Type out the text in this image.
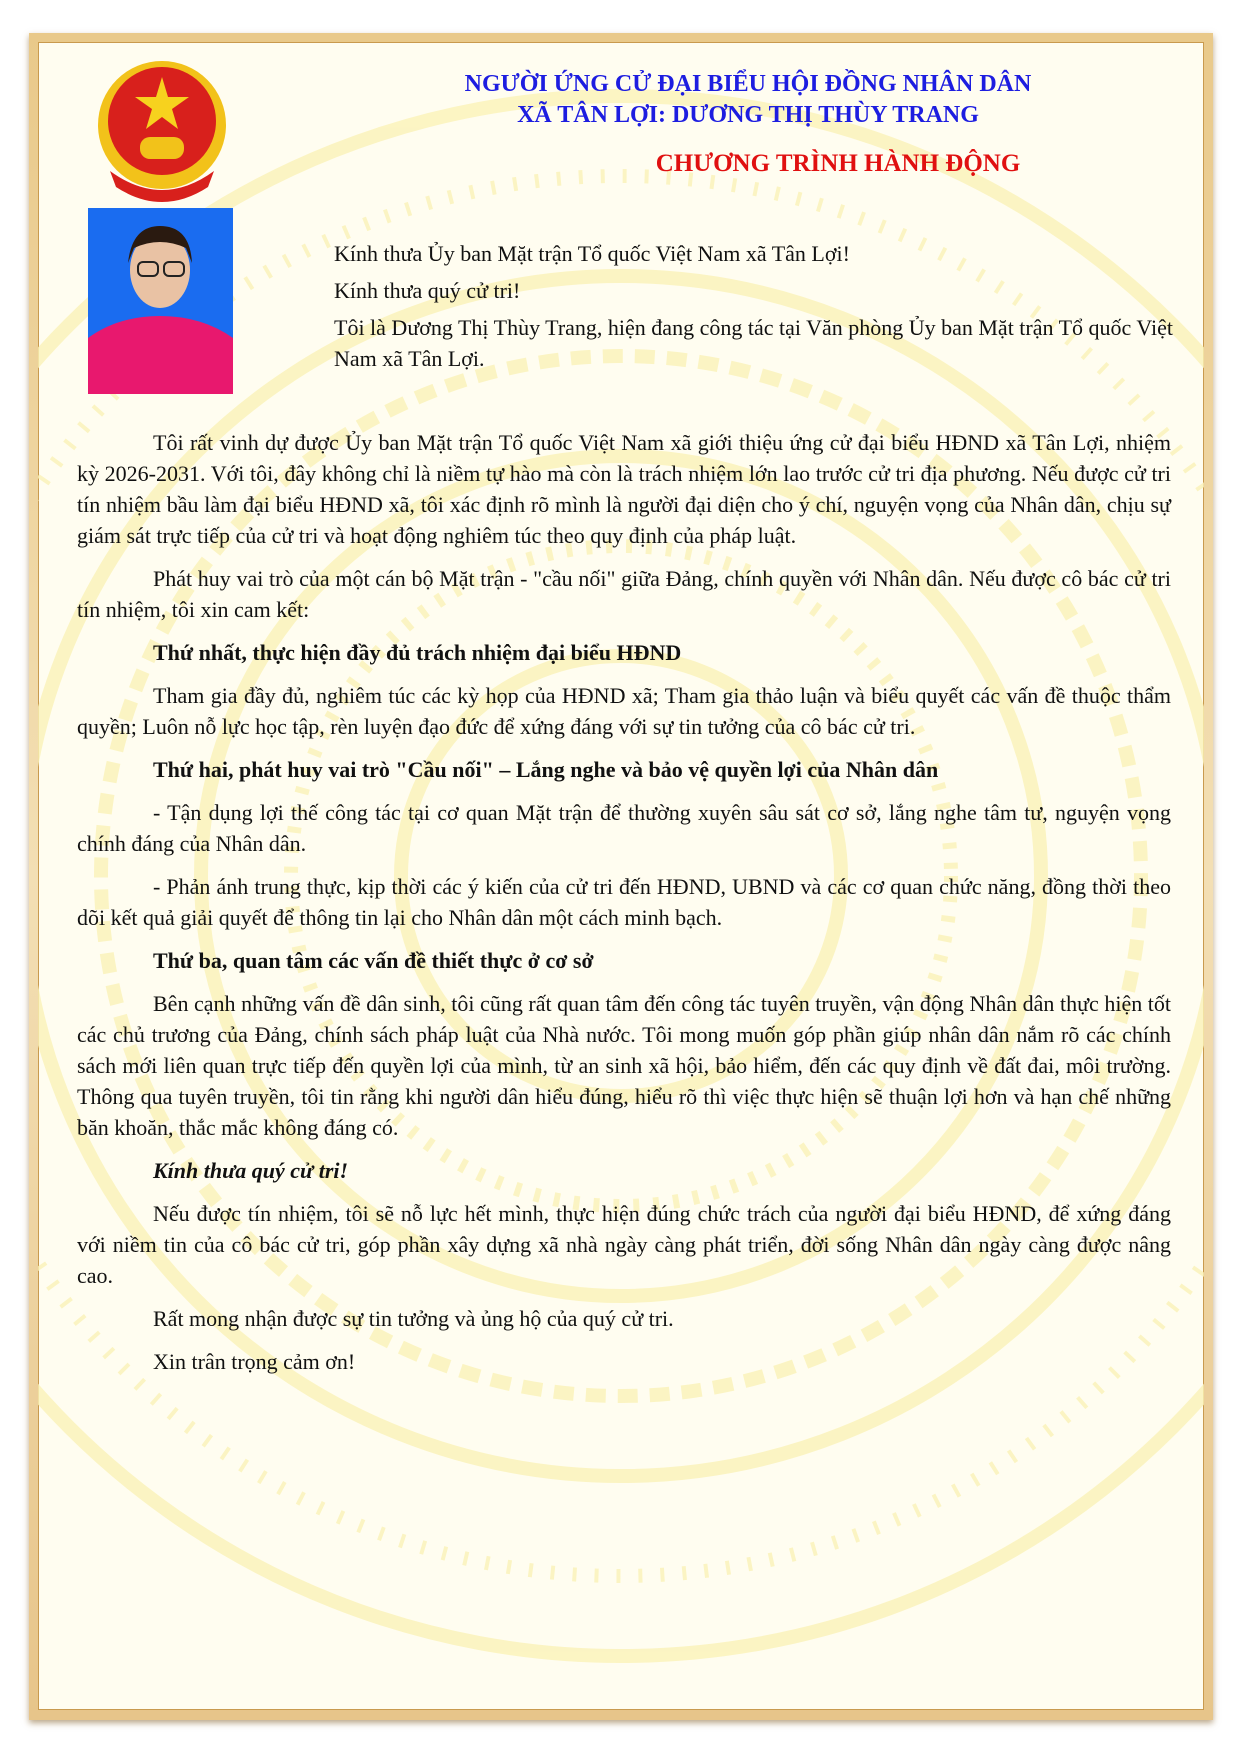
NGƯỜI ỨNG CỬ ĐẠI BIỂU HỘI ĐỒNG NHÂN DÂN
XÃ TÂN LỢI: DƯƠNG THỊ THÙY TRANG
CHƯƠNG TRÌNH HÀNH ĐỘNG

Kính thưa Ủy ban Mặt trận Tổ quốc Việt Nam xã Tân Lợi!

Kính thưa quý cử tri!

Tôi là Dương Thị Thùy Trang, hiện đang công tác tại Văn phòng Ủy ban Mặt trận Tổ quốc Việt Nam xã Tân Lợi.

Tôi rất vinh dự được Ủy ban Mặt trận Tổ quốc Việt Nam xã giới thiệu ứng cử đại biểu HĐND xã Tân Lợi, nhiệm kỳ 2026-2031. Với tôi, đây không chỉ là niềm tự hào mà còn là trách nhiệm lớn lao trước cử tri địa phương. Nếu được cử tri tín nhiệm bầu làm đại biểu HĐND xã, tôi xác định rõ mình là người đại diện cho ý chí, nguyện vọng của Nhân dân, chịu sự giám sát trực tiếp của cử tri và hoạt động nghiêm túc theo quy định của pháp luật.

Phát huy vai trò của một cán bộ Mặt trận - "cầu nối" giữa Đảng, chính quyền với Nhân dân. Nếu được cô bác cử tri tín nhiệm, tôi xin cam kết:

Thứ nhất, thực hiện đầy đủ trách nhiệm đại biểu HĐND

Tham gia đầy đủ, nghiêm túc các kỳ họp của HĐND xã; Tham gia thảo luận và biểu quyết các vấn đề thuộc thẩm quyền; Luôn nỗ lực học tập, rèn luyện đạo đức để xứng đáng với sự tin tưởng của cô bác cử tri.

Thứ hai, phát huy vai trò "Cầu nối" – Lắng nghe và bảo vệ quyền lợi của Nhân dân

- Tận dụng lợi thế công tác tại cơ quan Mặt trận để thường xuyên sâu sát cơ sở, lắng nghe tâm tư, nguyện vọng chính đáng của Nhân dân.

- Phản ánh trung thực, kịp thời các ý kiến của cử tri đến HĐND, UBND và các cơ quan chức năng, đồng thời theo dõi kết quả giải quyết để thông tin lại cho Nhân dân một cách minh bạch.

Thứ ba, quan tâm các vấn đề thiết thực ở cơ sở

Bên cạnh những vấn đề dân sinh, tôi cũng rất quan tâm đến công tác tuyên truyền, vận động Nhân dân thực hiện tốt các chủ trương của Đảng, chính sách pháp luật của Nhà nước. Tôi mong muốn góp phần giúp nhân dân nắm rõ các chính sách mới liên quan trực tiếp đến quyền lợi của mình, từ an sinh xã hội, bảo hiểm, đến các quy định về đất đai, môi trường. Thông qua tuyên truyền, tôi tin rằng khi người dân hiểu đúng, hiểu rõ thì việc thực hiện sẽ thuận lợi hơn và hạn chế những băn khoăn, thắc mắc không đáng có.

Kính thưa quý cử tri!

Nếu được tín nhiệm, tôi sẽ nỗ lực hết mình, thực hiện đúng chức trách của người đại biểu HĐND, để xứng đáng với niềm tin của cô bác cử tri, góp phần xây dựng xã nhà ngày càng phát triển, đời sống Nhân dân ngày càng được nâng cao.

Rất mong nhận được sự tin tưởng và ủng hộ của quý cử tri.

Xin trân trọng cảm ơn!
